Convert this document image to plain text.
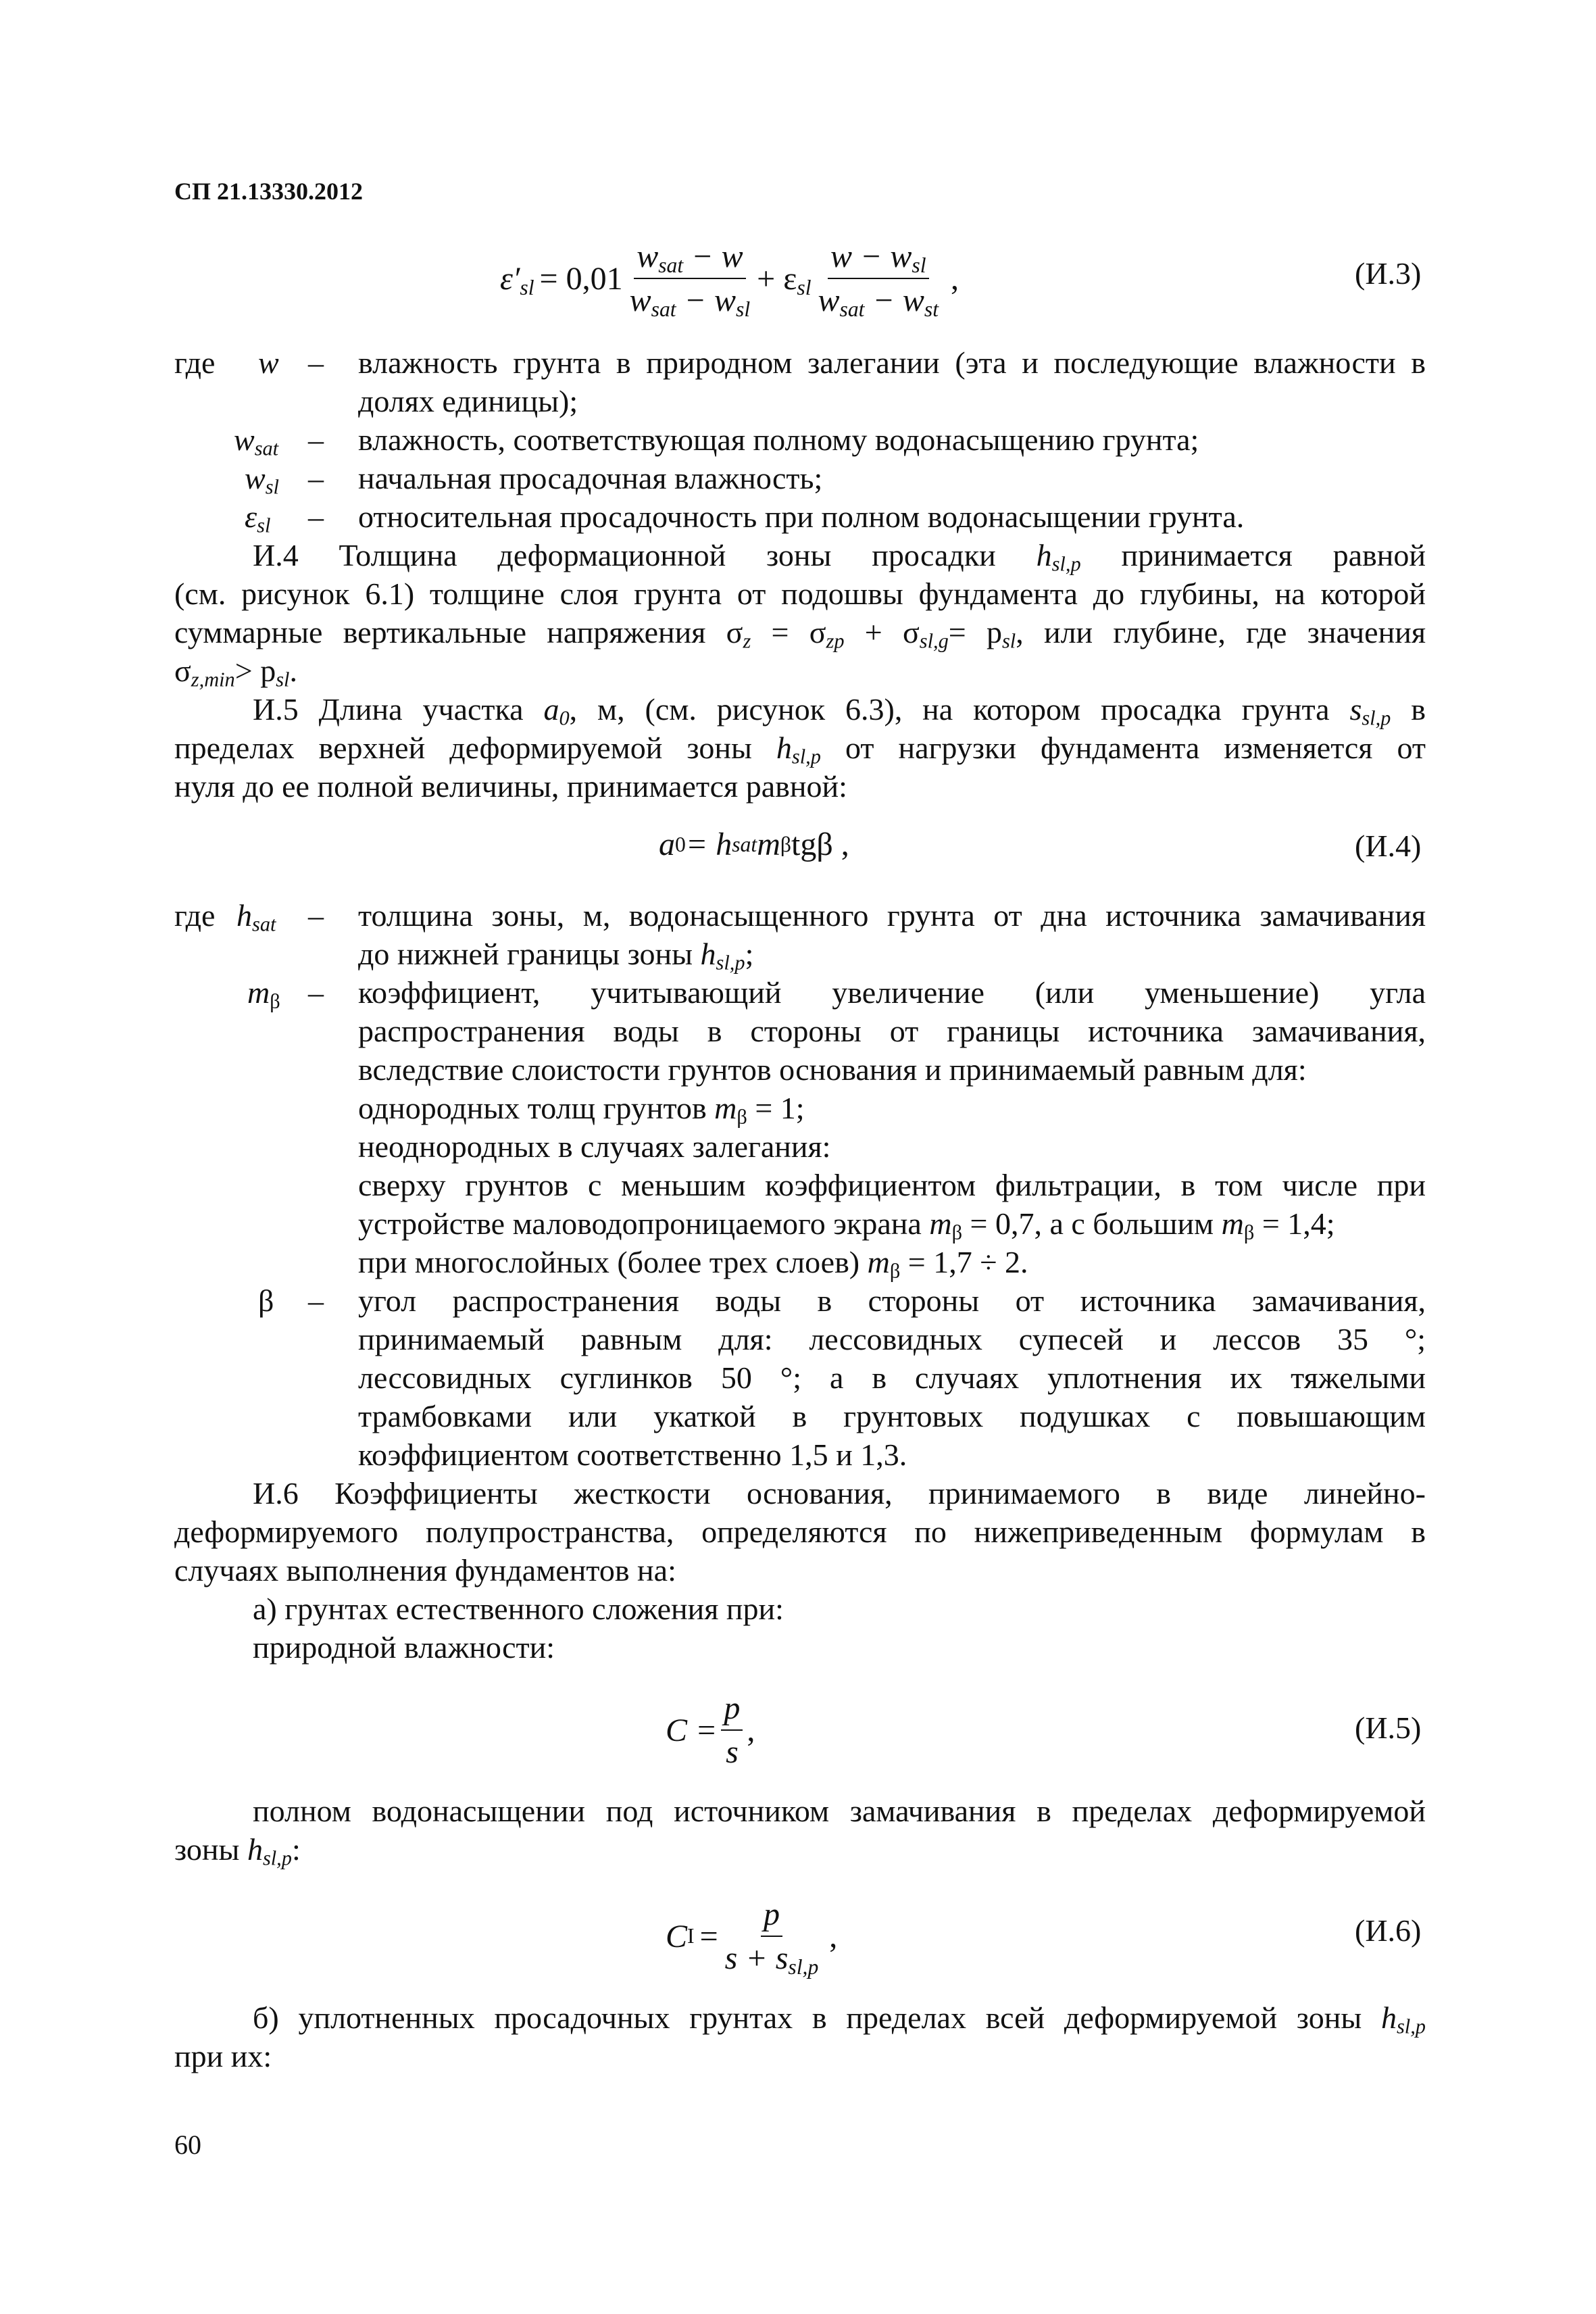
СП 21.13330.2012
$\varepsilon'_{sl} = 0,01 \frac{w_{sat} - w}{w_{sat} - w_{sl}} + \varepsilon_{sl} \frac{w - w_{sl}}{w_{sat} - w_{st}}$ ,	(И.3)
где w – влажность грунта в природном залегании (эта и последующие влажности в
долях единицы);
$w_{sat}$ – влажность, соответствующая полному водонасыщению грунта;
$w_{sl}$ – начальная просадочная влажность;
$\varepsilon_{sl}$ – относительная просадочность при полном водонасыщении грунта.
И.4 Толщина деформационной зоны просадки $h_{sl,p}$ принимается равной
(см. рисунок 6.1) толщине слоя грунта от подошвы фундамента до глубины, на которой
суммарные вертикальные напряжения $\sigma_z = \sigma_{zp} + \sigma_{sl,g}= p_{sl}$, или глубине, где значения
$\sigma_{z,min}> p_{sl}$.
И.5 Длина участка $a_0$, м, (см. рисунок 6.3), на котором просадка грунта $s_{sl,p}$ в
пределах верхней деформируемой зоны $h_{sl,p}$ от нагрузки фундамента изменяется от
нуля до ее полной величины, принимается равной:
a 0 = h sat m β tgβ ,	(И.4)
где $h_{sat}$ – толщина зоны, м, водонасыщенного грунта от дна источника замачивания
до нижней границы зоны $h_{sl,p}$;
$m_\beta$ – коэффициент, учитывающий увеличение (или уменьшение) угла
распространения воды в стороны от границы источника замачивания,
вследствие слоистости грунтов основания и принимаемый равным для:
однородных толщ грунтов $m_\beta = 1$;
неоднородных в случаях залегания:
сверху грунтов с меньшим коэффициентом фильтрации, в том числе при
устройстве маловодопроницаемого экрана $m_\beta = 0,7$, а с большим $m_\beta = 1,4$;
при многослойных (более трех слоев) $m_\beta = 1,7 \div 2$.
β – угол распространения воды в стороны от источника замачивания,
принимаемый равным для: лессовидных супесей и лессов 35 °;
лессовидных суглинков 50 °; а в случаях уплотнения их тяжелыми
трамбовками или укаткой в грунтовых подушках с повышающим
коэффициентом соответственно 1,5 и 1,3.
И.6 Коэффициенты жесткости основания, принимаемого в виде линейно-
деформируемого полупространства, определяются по нижеприведенным формулам в
случаях выполнения фундаментов на:
а) грунтах естественного сложения при:
природной влажности:
$C = \frac{p}{s}$ ,	(И.5)
полном водонасыщении под источником замачивания в пределах деформируемой
зоны $h_{sl,p}$:
C $I = \frac{p}{s + s_{sl,p}}$ ,	(И.6)
б) уплотненных просадочных грунтах в пределах всей деформируемой зоны $h_{sl,p}$
при их:
60
